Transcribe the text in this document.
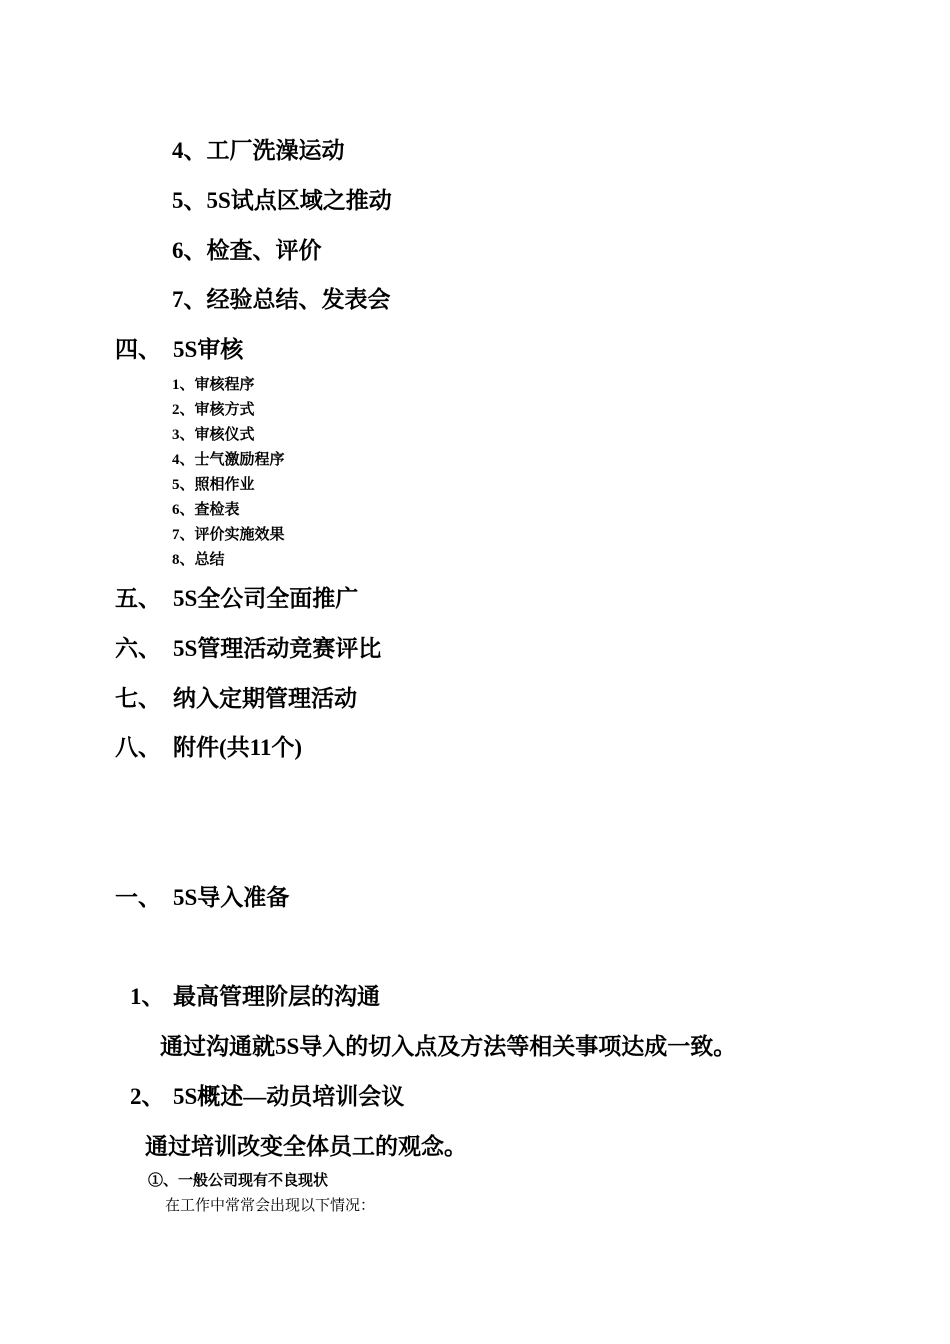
4、工厂洗澡运动
5、5S试点区域之推动
6、检查、评价
7、经验总结、发表会
四、 5S审核
1、审核程序
2、审核方式
3、审核仪式
4、士气激励程序
5、照相作业
6、查检表
7、评价实施效果
8、总结
五、 5S全公司全面推广
六、 5S管理活动竞赛评比
七、 纳入定期管理活动
八、 附件(共11个)
一、 5S导入准备
1、 最高管理阶层的沟通
通过沟通就5S导入的切入点及方法等相关事项达成一致。
2、 5S概述—动员培训会议
通过培训改变全体员工的观念。
①、一般公司现有不良现状
在工作中常常会出现以下情况：
